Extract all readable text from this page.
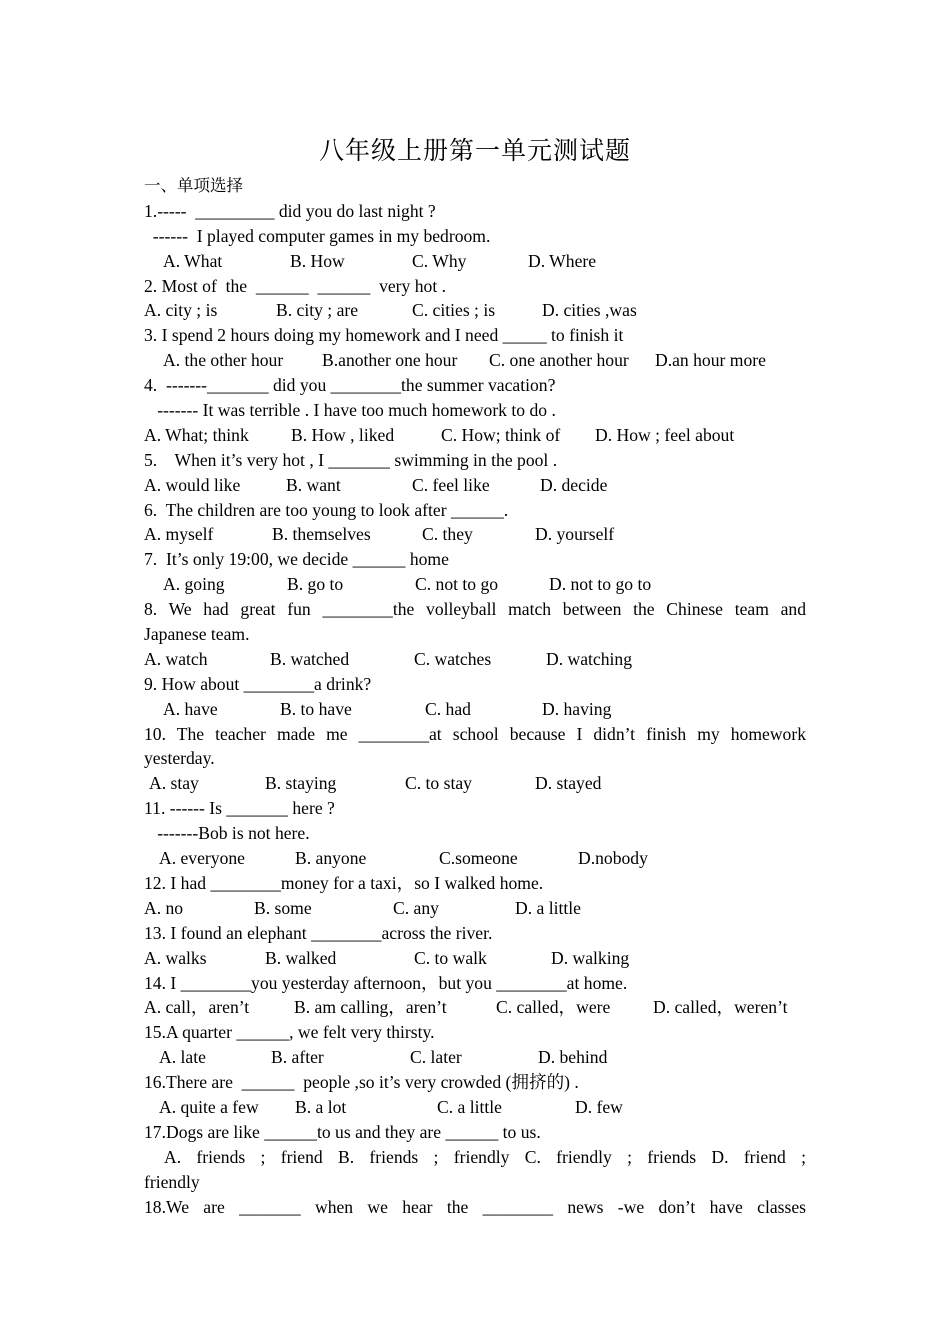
八年级上册第一单元测试题
一、单项选择
1.-----  _________ did you do last night ?
------  I played computer games in my bedroom.
A. What	B. How	C. Why	D. Where
2. Most of  the  ______  ______  very hot .
A. city ; is	B. city ; are	C. cities ; is	D. cities ,was
3. I spend 2 hours doing my homework and I need _____ to finish it
A. the other hour B.another one hour C. one another hour D.an hour more
4.  -------_______ did you ________the summer vacation?
------- It was terrible . I have too much homework to do .
A. What; think B. How , liked	C. How; think of D. How ; feel about
5.    When it’s very hot , I _______ swimming in the pool .
A. would like	B. want	C. feel like	D. decide
6.  The children are too young to look after ______.
A. myself	B. themselves	C. they	D. yourself
7.  It’s only 19:00, we decide ______ home
A. going	B. go to	C. not to go	D. not to go to
8. We had great fun ________the volleyball match between the Chinese team and
Japanese team.
A. watch	B. watched	C. watches	D. watching
9. How about ________a drink?
A. have	B. to have	C. had	D. having
10. The teacher made me ________at school because I didn’t finish my homework
yesterday.
A. stay	B. staying	C. to stay	D. stayed
11. ------ Is _______ here ?
-------Bob is not here.
A. everyone	B. anyone	C.someone	D.nobody
12. I had ________money for a taxi，so I walked home.
A. no	B. some	C. any	D. a little
13. I found an elephant ________across the river.
A. walks	B. walked	C. to walk	D. walking
14. I ________you yesterday afternoon，but you ________at home.
A. call，aren’t	B. am calling，aren’t	C. called，were D. called，weren’t
15.A quarter ______, we felt very thirsty.
A. late	B. after	C. later	D. behind
16.There are  ______  people ,so it’s very crowded (拥挤的) .
A. quite a few B. a lot	C. a little	D. few
17.Dogs are like ______to us and they are ______ to us.
A. friends ; friend B. friends ; friendly C. friendly ; friends D. friend ;
friendly
18.We are _______ when we hear the ________ news -we don’t have classes
